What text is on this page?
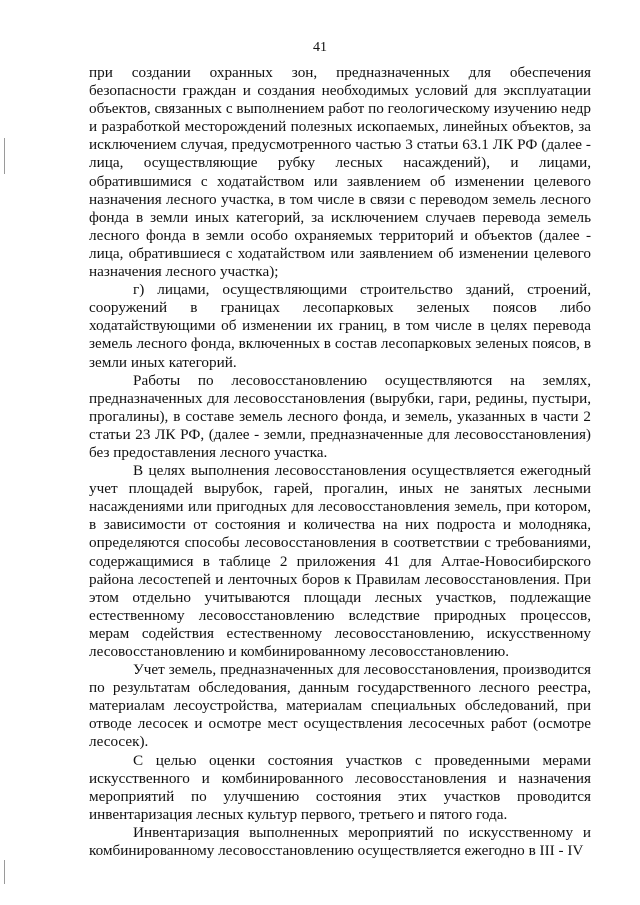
41

при создании охранных зон, предназначенных для обеспечения безопасности граждан и создания необходимых условий для эксплуатации объектов, связанных с выполнением работ по геологическому изучению недр и разработкой месторождений полезных ископаемых, линейных объектов, за исключением случая, предусмотренного частью 3 статьи 63.1 ЛК РФ (далее - лица, осуществляющие рубку лесных насаждений), и лицами, обратившимися с ходатайством или заявлением об изменении целевого назначения лесного участка, в том числе в связи с переводом земель лесного фонда в земли иных категорий, за исключением случаев перевода земель лесного фонда в земли особо охраняемых территорий и объектов (далее - лица, обратившиеся с ходатайством или заявлением об изменении целевого назначения лесного участка);

г) лицами, осуществляющими строительство зданий, строений, сооружений в границах лесопарковых зеленых поясов либо ходатайствующими об изменении их границ, в том числе в целях перевода земель лесного фонда, включенных в состав лесопарковых зеленых поясов, в земли иных категорий.

Работы по лесовосстановлению осуществляются на землях, предназначенных для лесовосстановления (вырубки, гари, редины, пустыри, прогалины), в составе земель лесного фонда, и земель, указанных в части 2 статьи 23 ЛК РФ, (далее - земли, предназначенные для лесовосстановления) без предоставления лесного участка.

В целях выполнения лесовосстановления осуществляется ежегодный учет площадей вырубок, гарей, прогалин, иных не занятых лесными насаждениями или пригодных для лесовосстановления земель, при котором, в зависимости от состояния и количества на них подроста и молодняка, определяются способы лесовосстановления в соответствии с требованиями, содержащимися в таблице 2 приложения 41 для Алтае-Новосибирского района лесостепей и ленточных боров к Правилам лесовосстановления. При этом отдельно учитываются площади лесных участков, подлежащие естественному лесовосстановлению вследствие природных процессов, мерам содействия естественному лесовосстановлению, искусственному лесовосстановлению и комбинированному лесовосстановлению.

Учет земель, предназначенных для лесовосстановления, производится по результатам обследования, данным государственного лесного реестра, материалам лесоустройства, материалам специальных обследований, при отводе лесосек и осмотре мест осуществления лесосечных работ (осмотре лесосек).

С целью оценки состояния участков с проведенными мерами искусственного и комбинированного лесовосстановления и назначения мероприятий по улучшению состояния этих участков проводится инвентаризация лесных культур первого, третьего и пятого года.

Инвентаризация выполненных мероприятий по искусственному и комбинированному лесовосстановлению осуществляется ежегодно в III - IV
